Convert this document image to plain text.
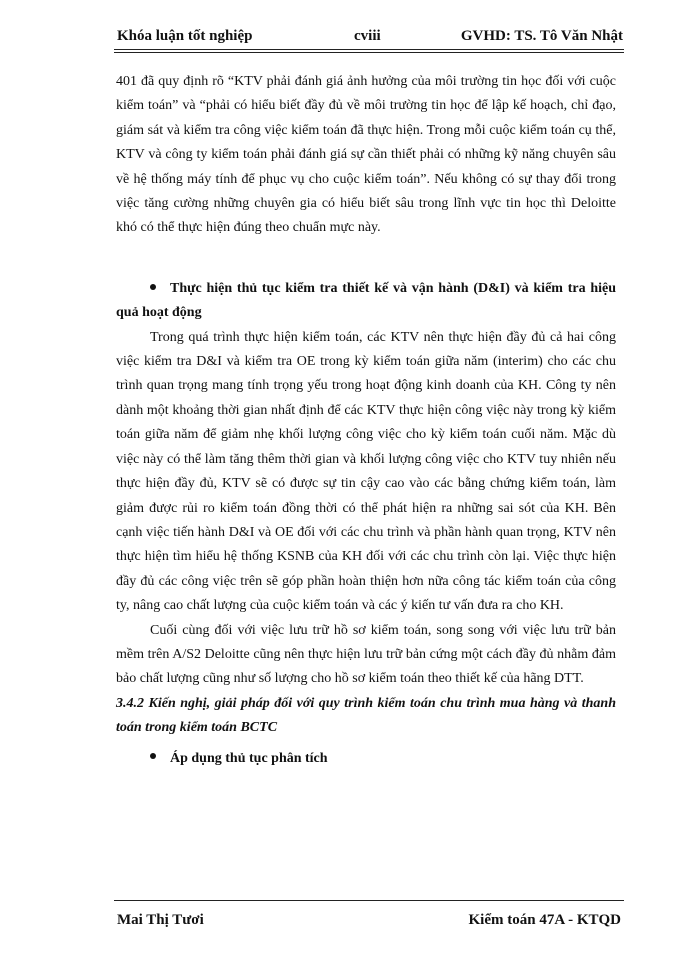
Khóa luận tốt nghiệp	cviii	GVHD: TS. Tô Văn Nhật

401 đã quy định rõ “KTV phải đánh giá ảnh hưởng của môi trường tin học đối với cuộc kiểm toán” và “phải có hiểu biết đầy đủ về môi trường tin học để lập kế hoạch, chỉ đạo, giám sát và kiểm tra công việc kiểm toán đã thực hiện. Trong mỗi cuộc kiểm toán cụ thể, KTV và công ty kiểm toán phải đánh giá sự cần thiết phải có những kỹ năng chuyên sâu về hệ thống máy tính để phục vụ cho cuộc kiểm toán”. Nếu không có sự thay đổi trong việc tăng cường những chuyên gia có hiểu biết sâu trong lĩnh vực tin học thì Deloitte khó có thể thực hiện đúng theo chuẩn mực này.

Thực hiện thủ tục kiểm tra thiết kế và vận hành (D&I) và kiểm tra hiệu quả hoạt động

Trong quá trình thực hiện kiểm toán, các KTV nên thực hiện đầy đủ cả hai công việc kiểm tra D&I và kiểm tra OE trong kỳ kiểm toán giữa năm (interim) cho các chu trình quan trọng mang tính trọng yếu trong hoạt động kinh doanh của KH. Công ty nên dành một khoảng thời gian nhất định để các KTV thực hiện công việc này trong kỳ kiểm toán giữa năm để giảm nhẹ khối lượng công việc cho kỳ kiểm toán cuối năm. Mặc dù việc này có thể làm tăng thêm thời gian và khối lượng công việc cho KTV tuy nhiên nếu thực hiện đầy đủ, KTV sẽ có được sự tin cậy cao vào các bằng chứng kiểm toán, làm giảm được rủi ro kiểm toán đồng thời có thể phát hiện ra những sai sót của KH. Bên cạnh việc tiến hành D&I và OE đối với các chu trình và phần hành quan trọng, KTV nên thực hiện tìm hiểu hệ thống KSNB của KH đối với các chu trình còn lại. Việc thực hiện đầy đủ các công việc trên sẽ góp phần hoàn thiện hơn nữa công tác kiểm toán của công ty, nâng cao chất lượng của cuộc kiểm toán và các ý kiến tư vấn đưa ra cho KH.

Cuối cùng đối với việc lưu trữ hồ sơ kiểm toán, song song với việc lưu trữ bản mềm trên A/S2 Deloitte cũng nên thực hiện lưu trữ bản cứng một cách đầy đủ nhằm đảm bảo chất lượng cũng như số lượng cho hồ sơ kiểm toán theo thiết kế của hãng DTT.

3.4.2 Kiến nghị, giải pháp đối với quy trình kiểm toán chu trình mua hàng và thanh toán trong kiểm toán BCTC

Áp dụng thủ tục phân tích

Mai Thị Tươi	Kiểm toán 47A - KTQD
